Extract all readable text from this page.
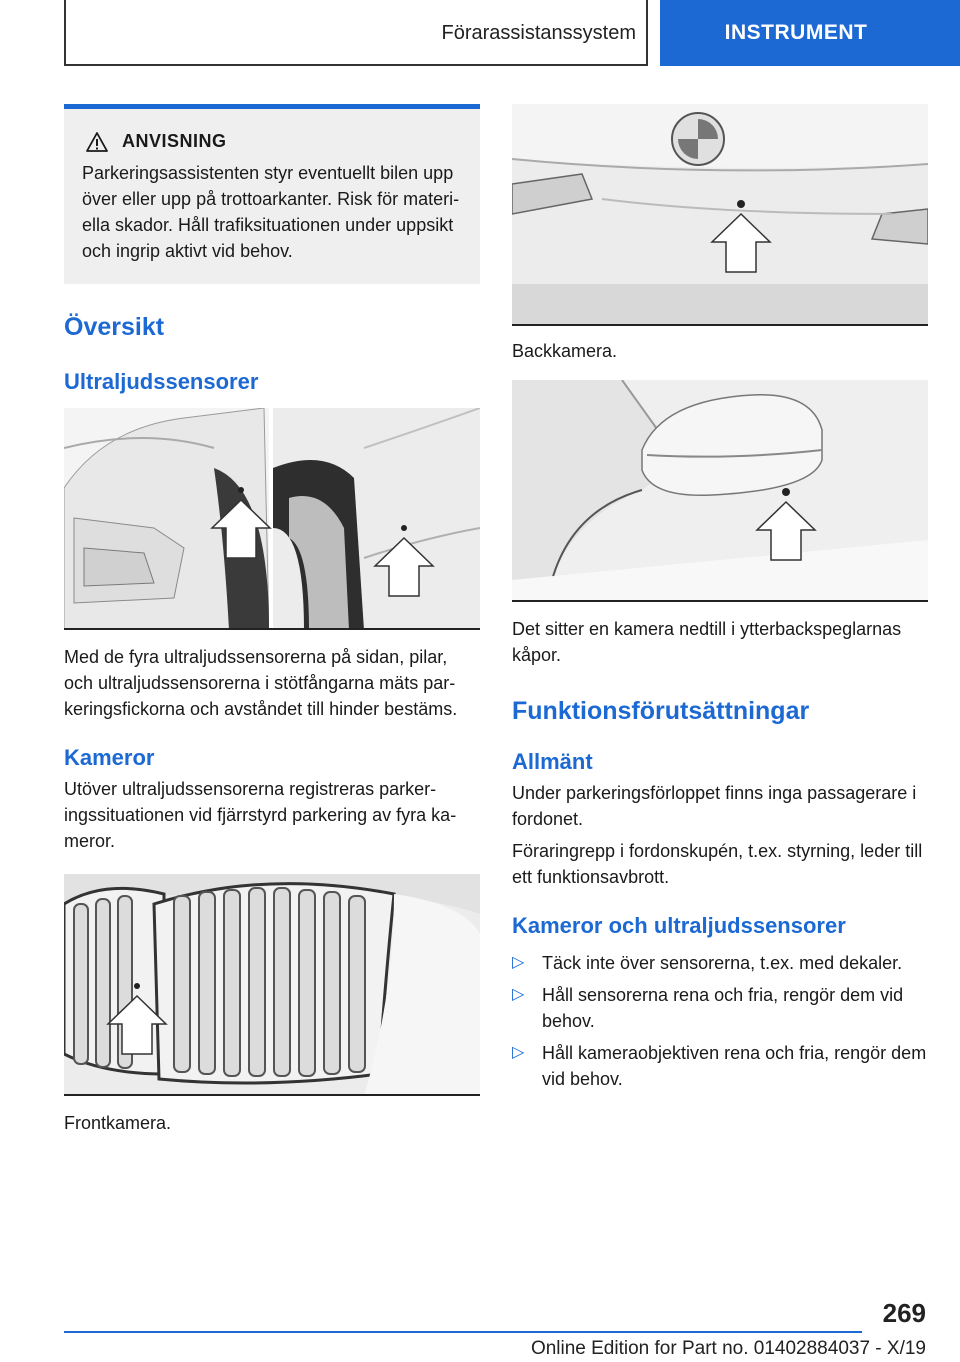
Förarassistanssystem	INSTRUMENT
ANVISNING

Parkeringsassistenten styr eventuellt bilen upp över eller upp på trottoarkanter. Risk för materiella skador. Håll trafiksituationen under uppsikt och ingrip aktivt vid behov.

Översikt
Ultraljudssensorer

Med de fyra ultraljudssensorerna på sidan, pilar, och ultraljudssensorerna i stötfångarna mäts parkeringsfickorna och avståndet till hinder bestäms.

Kameror

Utöver ultraljudssensorerna registreras parkeringssituationen vid fjärrstyrd parkering av fyra kameror.

Frontkamera.

Backkamera.

Det sitter en kamera nedtill i ytterbackspeglarnas kåpor.

Funktionsförutsättningar
Allmänt

Under parkeringsförloppet finns inga passagerare i fordonet.

Föraringrepp i fordonskupén, t.ex. styrning, leder till ett funktionsavbrott.

Kameror och ultraljudssensorer
▷ Täck inte över sensorerna, t.ex. med dekaler.
▷ Håll sensorerna rena och fria, rengör dem vid behov.
▷ Håll kameraobjektiven rena och fria, rengör dem vid behov.
269
Online Edition for Part no. 01402884037 - X/19
